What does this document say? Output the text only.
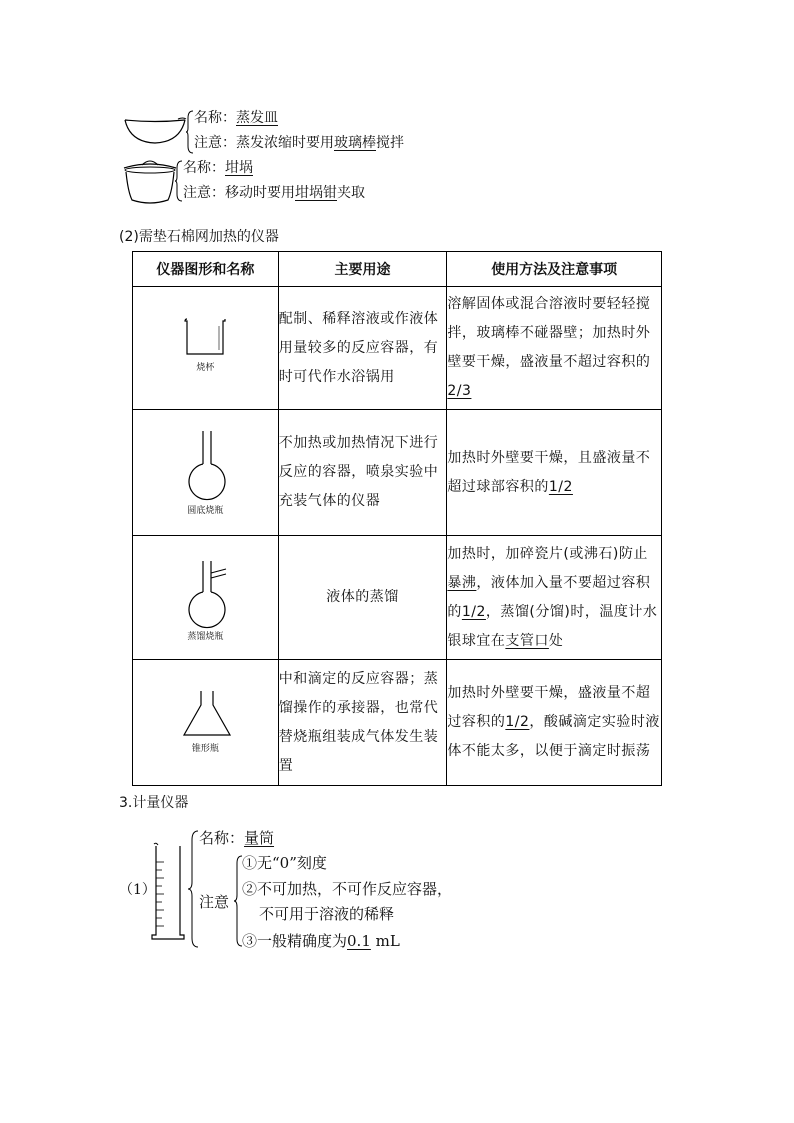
名称：蒸发皿
注意：蒸发浓缩时要用玻璃棒搅拌
名称：坩埚
注意：移动时要用坩埚钳夹取
(2)需垫石棉网加热的仪器
仪器图形和名称	主要用途	使用方法及注意事项

烧杯	配制、稀释溶液或作液体用量较多的反应容器，有时可代作水浴锅用	溶解固体或混合溶液时要轻轻搅拌，玻璃棒不碰器壁；加热时外壁要干燥，盛液量不超过容积的2/3

圆底烧瓶	不加热或加热情况下进行反应的容器，喷泉实验中充装气体的仪器	加热时外壁要干燥，且盛液量不超过球部容积的1/2

蒸馏烧瓶	液体的蒸馏	加热时，加碎瓷片(或沸石)防止暴沸，液体加入量不要超过容积的1/2，蒸馏(分馏)时，温度计水银球宜在支管口处

锥形瓶	中和滴定的反应容器；蒸馏操作的承接器，也常代替烧瓶组装成气体发生装置	加热时外壁要干燥，盛液量不超过容积的1/2，酸碱滴定实验时液体不能太多，以便于滴定时振荡
3.计量仪器
（1）
名称：量筒
注意
①无“0”刻度
②不可加热，不可作反应容器，
不可用于溶液的稀释
③一般精确度为0.1 mL
